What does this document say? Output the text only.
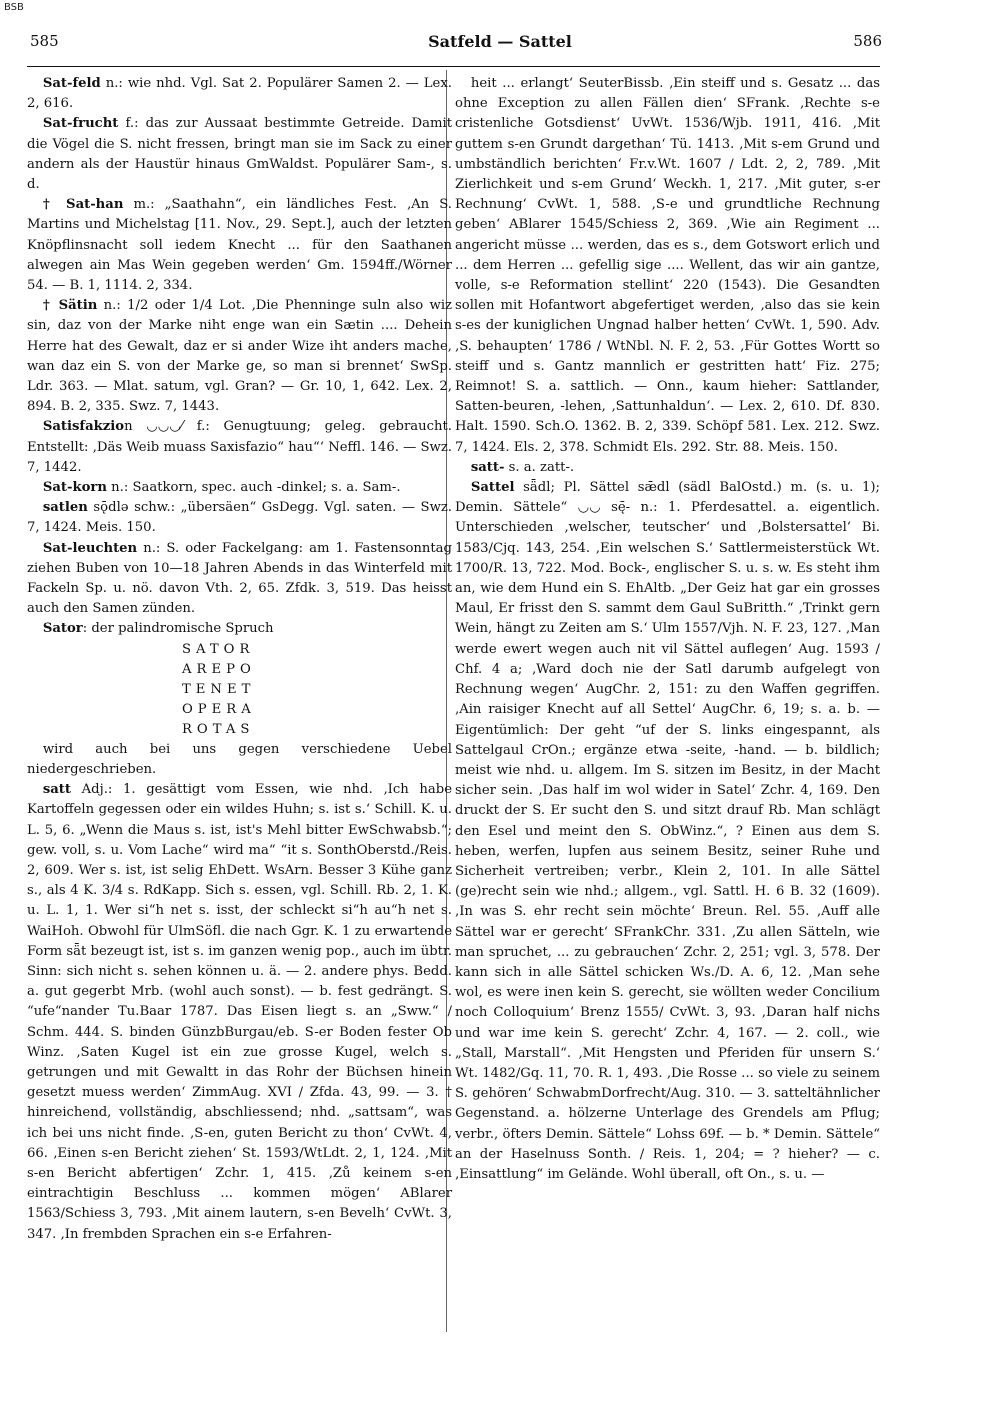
BSB
585	Satfeld — Sattel	586

Sat-feld n.: wie nhd. Vgl. Sat 2. Populärer Samen 2. — Lex. 2, 616.

Sat-frucht f.: das zur Aussaat bestimmte Getreide. Damit die Vögel die S. nicht fressen, bringt man sie im Sack zu einer andern als der Haustür hinaus GmWaldst. Populärer Sam-, s. d.

† Sat-han m.: „Saathahn“, ein ländliches Fest. ‚An S. Martins und Michelstag [11. Nov., 29. Sept.], auch der letzten Knöpflinsnacht soll iedem Knecht ... für den Saathanen alwegen ain Mas Wein gegeben werden‘ Gm. 1594ff./Wörner 54. — B. 1, 1114. 2, 334.

† Sätin n.: 1/2 oder 1/4 Lot. ‚Die Phenninge suln also wiz sin, daz von der Marke niht enge wan ein Sætin .... Dehein Herre hat des Gewalt, daz er si ander Wize iht anders mache, wan daz ein S. von der Marke ge, so man si brennet‘ SwSp. Ldr. 363. — Mlat. satum, vgl. Gran? — Gr. 10, 1, 642. Lex. 2, 894. B. 2, 335. Swz. 7, 1443.

Satisfakzion ◡◡◡⁄ f.: Genugtuung; geleg. gebraucht. Entstellt: ‚Däs Weib muass Saxisfazio“ hau“‘ Neffl. 146. — Swz. 7, 1442.

Sat-korn n.: Saatkorn, spec. auch -dinkel; s. a. Sam-.

satlen sǭdlə schw.: „übersäen“ GsDegg. Vgl. saten. — Swz. 7, 1424. Meis. 150.

Sat-leuchten n.: S. oder Fackelgang: am 1. Fastensonntag ziehen Buben von 10—18 Jahren Abends in das Winterfeld mit Fackeln Sp. u. nö. davon Vth. 2, 65. Zfdk. 3, 519. Das heisst auch den Samen zünden.

Sator: der palindromische Spruch

SATOR
AREPO
TENET
OPERA
ROTAS

wird auch bei uns gegen verschiedene Uebel niedergeschrieben.

satt Adj.: 1. gesättigt vom Essen, wie nhd. ‚Ich habe Kartoffeln gegessen oder ein wildes Huhn; s. ist s.‘ Schill. K. u. L. 5, 6. „Wenn die Maus s. ist, ist's Mehl bitter EwSchwabsb.“; gew. voll, s. u. Vom Lache“ wird ma“ “it s. SonthOberstd./Reis. 2, 609. Wer s. ist, ist selig EhDett. WsArn. Besser 3 Kühe ganz s., als 4 K. 3/4 s. RdKapp. Sich s. essen, vgl. Schill. Rb. 2, 1. K. u. L. 1, 1. Wer si“h net s. isst, der schleckt si“h au“h net s. WaiHoh. Obwohl für UlmSöfl. die nach Ggr. K. 1 zu erwartende Form sǟt bezeugt ist, ist s. im ganzen wenig pop., auch im übtr. Sinn: sich nicht s. sehen können u. ä. — 2. andere phys. Bedd. a. gut gegerbt Mrb. (wohl auch sonst). — b. fest gedrängt. S. “ufe“nander Tu.Baar 1787. Das Eisen liegt s. an „Sww.“ / Schm. 444. S. binden GünzbBurgau/eb. S-er Boden fester Ob Winz. ‚Saten Kugel ist ein zue grosse Kugel, welch s. getrungen und mit Gewaltt in das Rohr der Büchsen hinein gesetzt muess werden‘ ZimmAug. XVI / Zfda. 43, 99. — 3. † hinreichend, vollständig, abschliessend; nhd. „sattsam“, was ich bei uns nicht finde. ‚S-en, guten Bericht zu thon‘ CvWt. 4, 66. ‚Einen s-en Bericht ziehen‘ St. 1593/WtLdt. 2, 1, 124. ‚Mit s-en Bericht abfertigen‘ Zchr. 1, 415. ‚Zů keinem s-en eintrachtigin Beschluss ... kommen mögen‘ ABlarer 1563/Schiess 3, 793. ‚Mit ainem lautern, s-en Bevelh‘ CvWt. 3, 347. ‚In frembden Sprachen ein s-e Erfahren-

heit ... erlangt‘ SeuterBissb. ‚Ein steiff und s. Gesatz ... das ohne Exception zu allen Fällen dien‘ SFrank. ‚Rechte s-e cristenliche Gotsdienst‘ UvWt. 1536/Wjb. 1911, 416. ‚Mit guttem s-en Grundt dargethan‘ Tü. 1413. ‚Mit s-em Grund und umbständlich berichten‘ Fr.v.Wt. 1607 / Ldt. 2, 2, 789. ‚Mit Zierlichkeit und s-em Grund‘ Weckh. 1, 217. ‚Mit guter, s-er Rechnung‘ CvWt. 1, 588. ‚S-e und grundtliche Rechnung geben‘ ABlarer 1545/Schiess 2, 369. ‚Wie ain Regiment ... angericht müsse ... werden, das es s., dem Gotswort erlich und ... dem Herren ... gefellig sige .... Wellent, das wir ain gantze, volle, s-e Reformation stellint‘ 220 (1543). Die Gesandten sollen mit Hofantwort abgefertiget werden, ‚also das sie kein s-es der kuniglichen Ungnad halber hetten‘ CvWt. 1, 590. Adv. ‚S. behaupten‘ 1786 / WtNbl. N. F. 2, 53. ‚Für Gottes Wortt so steiff und s. Gantz mannlich er gestritten hatt‘ Fiz. 275; Reimnot! S. a. sattlich. — Onn., kaum hieher: Sattlander, Satten-beuren, -lehen, ‚Sattunhaldun‘. — Lex. 2, 610. Df. 830. Halt. 1590. Sch.O. 1362. B. 2, 339. Schöpf 581. Lex. 212. Swz. 7, 1424. Els. 2, 378. Schmidt Els. 292. Str. 88. Meis. 150.

satt- s. a. zatt-.

Sattel sǟdl; Pl. Sättel sǣdl (sädl BalOstd.) m. (s. u. 1); Demin. Sättele“ ◡◡ sę̄- n.: 1. Pferdesattel. a. eigentlich. Unterschieden ‚welscher, teutscher‘ und ‚Bolstersattel‘ Bi. 1583/Cjq. 143, 254. ‚Ein welschen S.‘ Sattlermeisterstück Wt. 1700/R. 13, 722. Mod. Bock-, englischer S. u. s. w. Es steht ihm an, wie dem Hund ein S. EhAltb. „Der Geiz hat gar ein grosses Maul, Er frisst den S. sammt dem Gaul SuBritth.“ ‚Trinkt gern Wein, hängt zu Zeiten am S.‘ Ulm 1557/Vjh. N. F. 23, 127. ‚Man werde ewert wegen auch nit vil Sättel auflegen‘ Aug. 1593 / Chf. 4 a; ‚Ward doch nie der Satl darumb aufgelegt von Rechnung wegen‘ AugChr. 2, 151: zu den Waffen gegriffen. ‚Ain raisiger Knecht auf all Settel‘ AugChr. 6, 19; s. a. b. — Eigentümlich: Der geht “uf der S. links eingespannt, als Sattelgaul CrOn.; ergänze etwa -seite, -hand. — b. bildlich; meist wie nhd. u. allgem. Im S. sitzen im Besitz, in der Macht sicher sein. ‚Das half im wol wider in Satel‘ Zchr. 4, 169. Den druckt der S. Er sucht den S. und sitzt drauf Rb. Man schlägt den Esel und meint den S. ObWinz.“, ? Einen aus dem S. heben, werfen, lupfen aus seinem Besitz, seiner Ruhe und Sicherheit vertreiben; verbr., Klein 2, 101. In alle Sättel (ge)recht sein wie nhd.; allgem., vgl. Sattl. H. 6 B. 32 (1609). ‚In was S. ehr recht sein möchte‘ Breun. Rel. 55. ‚Auff alle Sättel war er gerecht‘ SFrankChr. 331. ‚Zu allen Sätteln, wie man spruchet, ... zu gebrauchen‘ Zchr. 2, 251; vgl. 3, 578. Der kann sich in alle Sättel schicken Ws./D. A. 6, 12. ‚Man sehe wol, es were inen kein S. gerecht, sie wöllten weder Concilium noch Colloquium‘ Brenz 1555/ CvWt. 3, 93. ‚Daran half nichs und war ime kein S. gerecht‘ Zchr. 4, 167. — 2. coll., wie „Stall, Marstall“. ‚Mit Hengsten und Pferiden für unsern S.‘ Wt. 1482/Gq. 11, 70. R. 1, 493. ‚Die Rosse ... so viele zu seinem S. gehören‘ SchwabmDorfrecht/Aug. 310. — 3. satteltähnlicher Gegenstand. a. hölzerne Unterlage des Grendels am Pflug; verbr., öfters Demin. Sättele“ Lohss 69f. — b. * Demin. Sättele“ an der Haselnuss Sonth. / Reis. 1, 204; = ? hieher? — c. ‚Einsattlung“ im Gelände. Wohl überall, oft On., s. u. —
